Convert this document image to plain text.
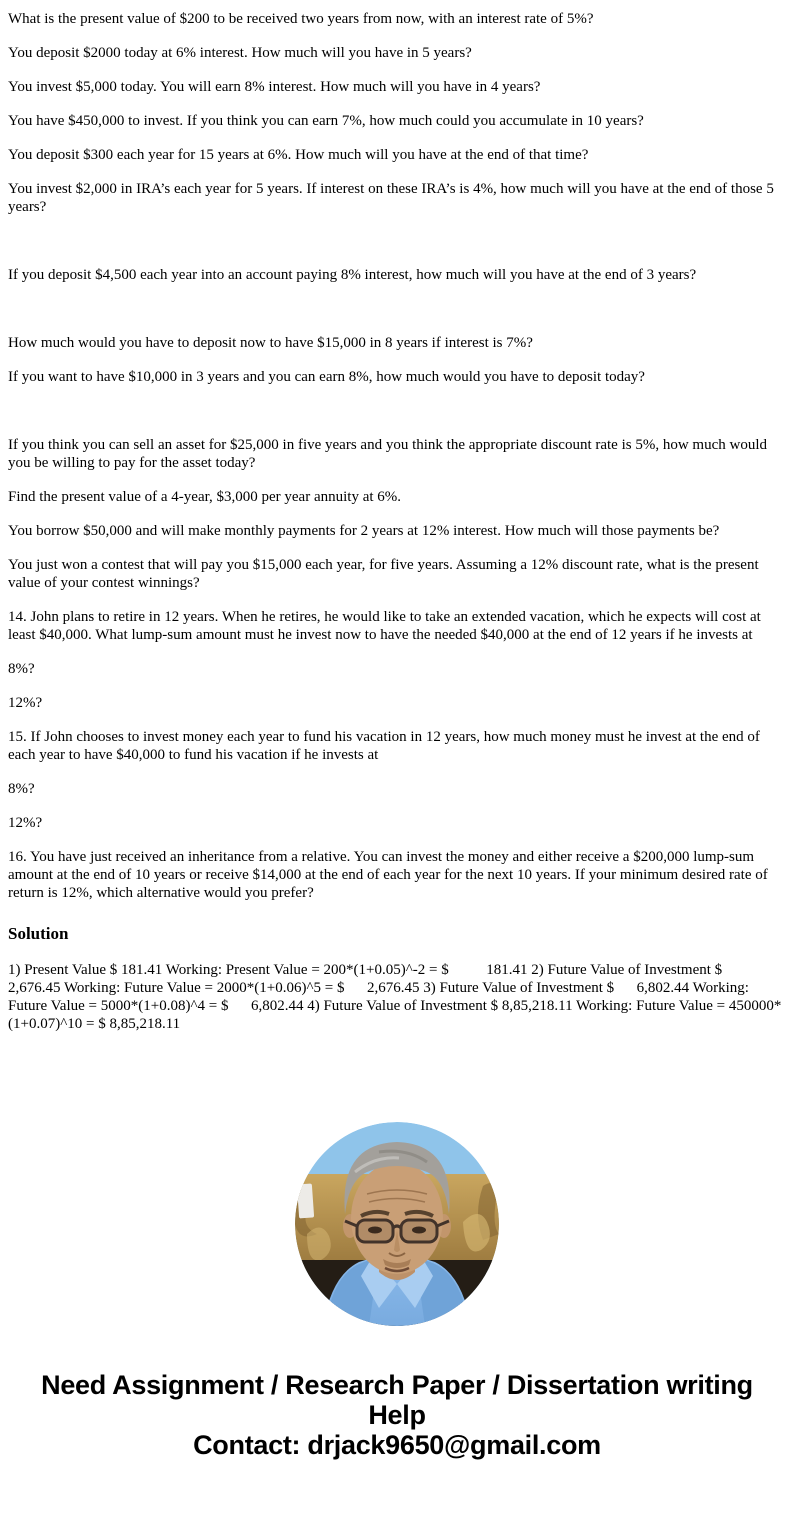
What is the present value of $200 to be received two years from now, with an interest rate of 5%?

You deposit $2000 today at 6% interest. How much will you have in 5 years?

You invest $5,000 today. You will earn 8% interest. How much will you have in 4 years?

You have $450,000 to invest. If you think you can earn 7%, how much could you accumulate in 10 years?

You deposit $300 each year for 15 years at 6%. How much will you have at the end of that time?

You invest $2,000 in IRA’s each year for 5 years. If interest on these IRA’s is 4%, how much will you have at the end of those 5 years?

If you deposit $4,500 each year into an account paying 8% interest, how much will you have at the end of 3 years?

How much would you have to deposit now to have $15,000 in 8 years if interest is 7%?

If you want to have $10,000 in 3 years and you can earn 8%, how much would you have to deposit today?

If you think you can sell an asset for $25,000 in five years and you think the appropriate discount rate is 5%, how much would you be willing to pay for the asset today?

Find the present value of a 4-year, $3,000 per year annuity at 6%.

You borrow $50,000 and will make monthly payments for 2 years at 12% interest. How much will those payments be?

You just won a contest that will pay you $15,000 each year, for five years. Assuming a 12% discount rate, what is the present value of your contest winnings?

14. John plans to retire in 12 years. When he retires, he would like to take an extended vacation, which he expects will cost at least $40,000. What lump-sum amount must he invest now to have the needed $40,000 at the end of 12 years if he invests at

8%?

12%?

15. If John chooses to invest money each year to fund his vacation in 12 years, how much money must he invest at the end of each year to have $40,000 to fund his vacation if he invests at

8%?

12%?

16. You have just received an inheritance from a relative. You can invest the money and either receive a $200,000 lump-sum amount at the end of 10 years or receive $14,000 at the end of each year for the next 10 years. If your minimum desired rate of return is 12%, which alternative would you prefer?

Solution

1) Present Value $ 181.41 Working: Present Value = 200*(1+0.05)^-2 = $          181.41 2) Future Value of Investment $      2,676.45 Working: Future Value = 2000*(1+0.06)^5 = $      2,676.45 3) Future Value of Investment $      6,802.44 Working: Future Value = 5000*(1+0.08)^4 = $      6,802.44 4) Future Value of Investment $ 8,85,218.11 Working: Future Value = 450000*(1+0.07)^10 = $ 8,85,218.11

Need Assignment / Research Paper / Dissertation writing Help
Contact: drjack9650@gmail.com
